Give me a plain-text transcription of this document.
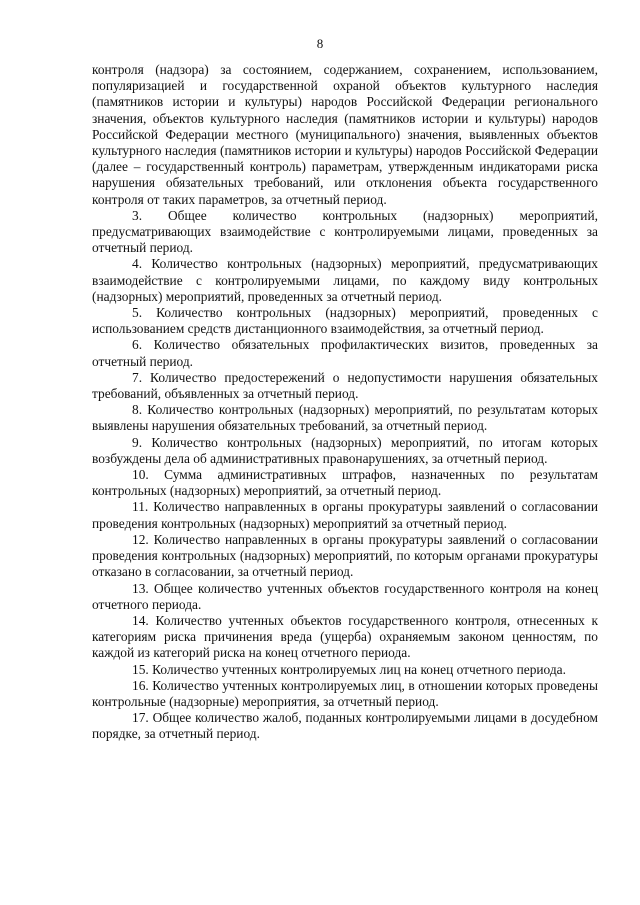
8

контроля (надзора) за состоянием, содержанием, сохранением, использованием, популяризацией и государственной охраной объектов культурного наследия (памятников истории и культуры) народов Российской Федерации регионального значения, объектов культурного наследия (памятников истории и культуры) народов Российской Федерации местного (муниципального) значения, выявленных объектов культурного наследия (памятников истории и культуры) народов Российской Федерации (далее – государственный контроль) параметрам, утвержденным индикаторами риска нарушения обязательных требований, или отклонения объекта государственного контроля от таких параметров, за отчетный период.

3. Общее количество контрольных (надзорных) мероприятий, предусматривающих взаимодействие с контролируемыми лицами, проведенных за отчетный период.

4. Количество контрольных (надзорных) мероприятий, предусматривающих взаимодействие с контролируемыми лицами, по каждому виду контрольных (надзорных) мероприятий, проведенных за отчетный период.

5. Количество контрольных (надзорных) мероприятий, проведенных с использованием средств дистанционного взаимодействия, за отчетный период.

6. Количество обязательных профилактических визитов, проведенных за отчетный период.

7. Количество предостережений о недопустимости нарушения обязательных требований, объявленных за отчетный период.

8. Количество контрольных (надзорных) мероприятий, по результатам которых выявлены нарушения обязательных требований, за отчетный период.

9. Количество контрольных (надзорных) мероприятий, по итогам которых возбуждены дела об административных правонарушениях, за отчетный период.

10. Сумма административных штрафов, назначенных по результатам контрольных (надзорных) мероприятий, за отчетный период.

11. Количество направленных в органы прокуратуры заявлений о согласовании проведения контрольных (надзорных) мероприятий за отчетный период.

12. Количество направленных в органы прокуратуры заявлений о согласовании проведения контрольных (надзорных) мероприятий, по которым органами прокуратуры отказано в согласовании, за отчетный период.

13. Общее количество учтенных объектов государственного контроля на конец отчетного периода.

14. Количество учтенных объектов государственного контроля, отнесенных к категориям риска причинения вреда (ущерба) охраняемым законом ценностям, по каждой из категорий риска на конец отчетного периода.

15. Количество учтенных контролируемых лиц на конец отчетного периода.

16. Количество учтенных контролируемых лиц, в отношении которых проведены контрольные (надзорные) мероприятия, за отчетный период.

17. Общее количество жалоб, поданных контролируемыми лицами в досудебном порядке, за отчетный период.
